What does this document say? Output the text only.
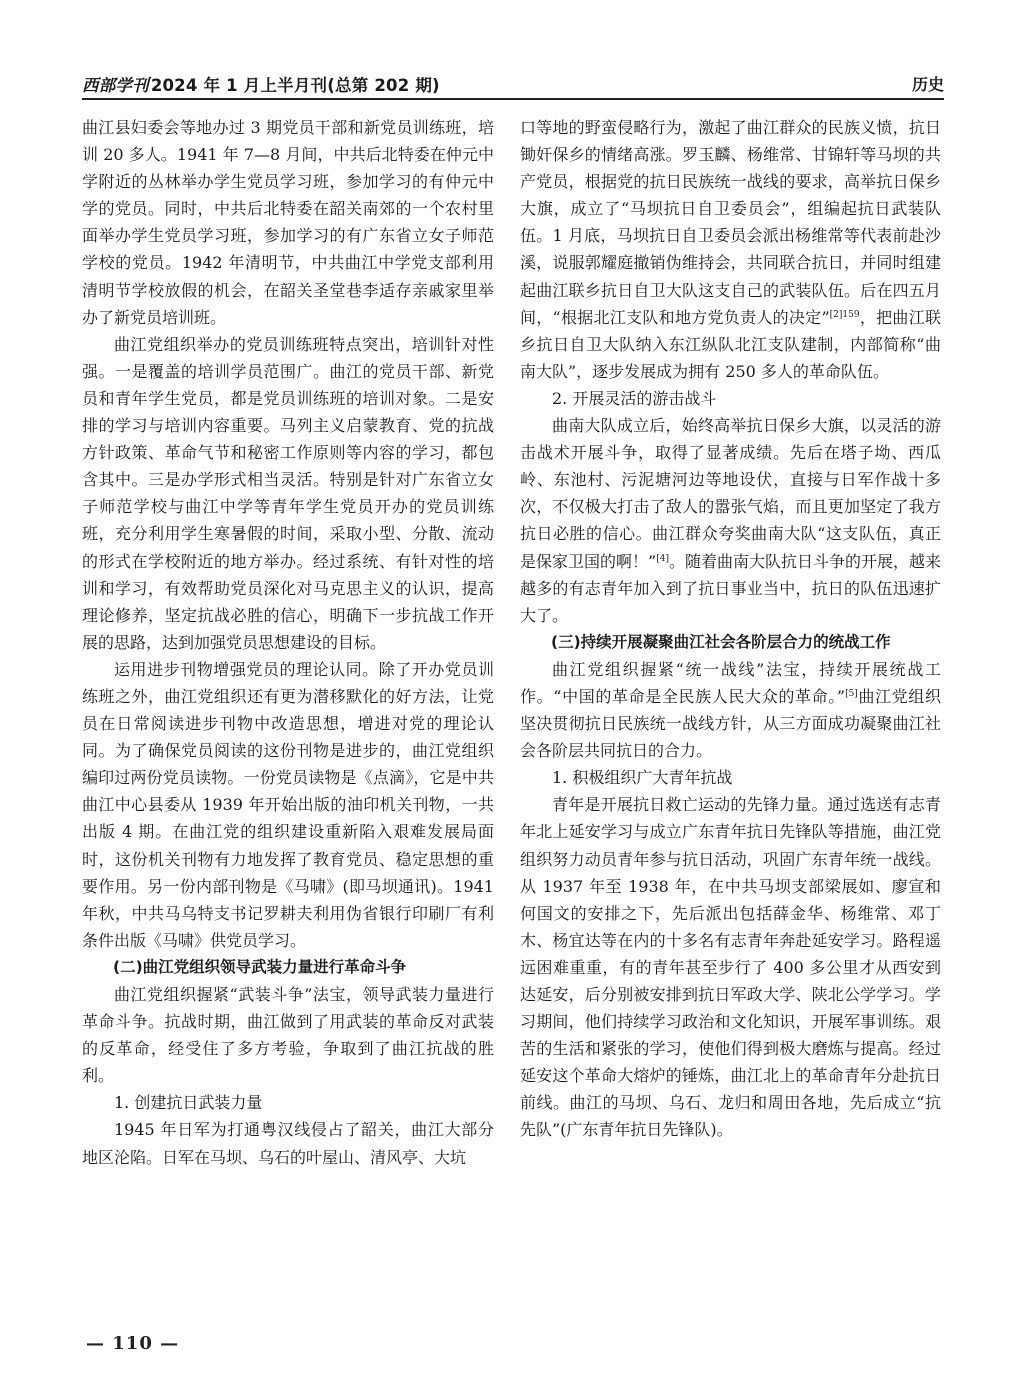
西部学刊 2024 年 1 月上半月刊(总第 202 期)	历史

曲江县妇委会等地办过 3 期党员干部和新党员训练班，培训 20 多人。1941 年 7—8 月间，中共后北特委在仲元中学附近的丛林举办学生党员学习班，参加学习的有仲元中学的党员。同时，中共后北特委在韶关南郊的一个农村里面举办学生党员学习班，参加学习的有广东省立女子师范学校的党员。1942 年清明节，中共曲江中学党支部利用清明节学校放假的机会，在韶关圣堂巷李适存亲戚家里举办了新党员培训班。

曲江党组织举办的党员训练班特点突出，培训针对性强。一是覆盖的培训学员范围广。曲江的党员干部、新党员和青年学生党员，都是党员训练班的培训对象。二是安排的学习与培训内容重要。马列主义启蒙教育、党的抗战方针政策、革命气节和秘密工作原则等内容的学习，都包含其中。三是办学形式相当灵活。特别是针对广东省立女子师范学校与曲江中学等青年学生党员开办的党员训练班，充分利用学生寒暑假的时间，采取小型、分散、流动的形式在学校附近的地方举办。经过系统、有针对性的培训和学习，有效帮助党员深化对马克思主义的认识，提高理论修养，坚定抗战必胜的信心，明确下一步抗战工作开展的思路，达到加强党员思想建设的目标。

运用进步刊物增强党员的理论认同。除了开办党员训练班之外，曲江党组织还有更为潜移默化的好方法，让党员在日常阅读进步刊物中改造思想，增进对党的理论认同。为了确保党员阅读的这份刊物是进步的，曲江党组织编印过两份党员读物。一份党员读物是《点滴》，它是中共曲江中心县委从 1939 年开始出版的油印机关刊物，一共出版 4 期。在曲江党的组织建设重新陷入艰难发展局面时，这份机关刊物有力地发挥了教育党员、稳定思想的重要作用。另一份内部刊物是《马啸》(即马坝通讯)。1941 年秋，中共马乌特支书记罗耕夫利用伪省银行印刷厂有利条件出版《马啸》供党员学习。

(二)曲江党组织领导武装力量进行革命斗争

曲江党组织握紧“武装斗争”法宝，领导武装力量进行革命斗争。抗战时期，曲江做到了用武装的革命反对武装的反革命，经受住了多方考验，争取到了曲江抗战的胜利。

1. 创建抗日武装力量

1945 年日军为打通粤汉线侵占了韶关，曲江大部分地区沦陷。日军在马坝、乌石的叶屋山、清风亭、大坑

口等地的野蛮侵略行为，激起了曲江群众的民族义愤，抗日锄奸保乡的情绪高涨。罗玉麟、杨维常、甘锦轩等马坝的共产党员，根据党的抗日民族统一战线的要求，高举抗日保乡大旗，成立了“马坝抗日自卫委员会”，组编起抗日武装队伍。1 月底，马坝抗日自卫委员会派出杨维常等代表前赴沙溪，说服郭耀庭撤销伪维持会，共同联合抗日，并同时组建起曲江联乡抗日自卫大队这支自己的武装队伍。后在四五月间，“根据北江支队和地方党负责人的决定”$^{[2]159}$，把曲江联乡抗日自卫大队纳入东江纵队北江支队建制，内部简称“曲南大队”，逐步发展成为拥有 250 多人的革命队伍。

2. 开展灵活的游击战斗

曲南大队成立后，始终高举抗日保乡大旗，以灵活的游击战术开展斗争，取得了显著成绩。先后在塔子坳、西瓜岭、东池村、污泥塘河边等地设伏，直接与日军作战十多次，不仅极大打击了敌人的嚣张气焰，而且更加坚定了我方抗日必胜的信心。曲江群众夸奖曲南大队“这支队伍，真正是保家卫国的啊！”[4]。随着曲南大队抗日斗争的开展，越来越多的有志青年加入到了抗日事业当中，抗日的队伍迅速扩大了。

(三)持续开展凝聚曲江社会各阶层合力的统战工作

曲江党组织握紧“统一战线”法宝，持续开展统战工作。“中国的革命是全民族人民大众的革命。”[5]曲江党组织坚决贯彻抗日民族统一战线方针，从三方面成功凝聚曲江社会各阶层共同抗日的合力。

1. 积极组织广大青年抗战

青年是开展抗日救亡运动的先锋力量。通过选送有志青年北上延安学习与成立广东青年抗日先锋队等措施，曲江党组织努力动员青年参与抗日活动，巩固广东青年统一战线。从 1937 年至 1938 年，在中共马坝支部梁展如、廖宣和何国文的安排之下，先后派出包括薛金华、杨维常、邓丁木、杨宜达等在内的十多名有志青年奔赴延安学习。路程遥远困难重重，有的青年甚至步行了 400 多公里才从西安到达延安，后分别被安排到抗日军政大学、陕北公学学习。学习期间，他们持续学习政治和文化知识，开展军事训练。艰苦的生活和紧张的学习，使他们得到极大磨炼与提高。经过延安这个革命大熔炉的锤炼，曲江北上的革命青年分赴抗日前线。曲江的马坝、乌石、龙归和周田各地，先后成立“抗先队”(广东青年抗日先锋队)。

— 110 —
